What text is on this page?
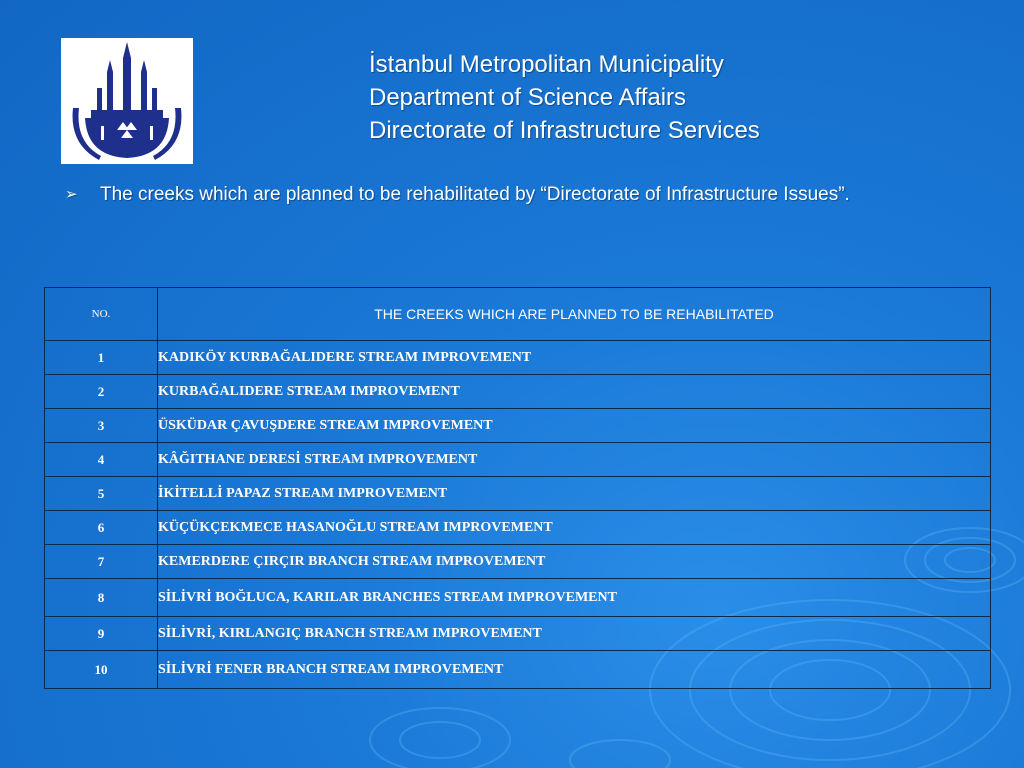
İstanbul Metropolitan Municipality
Department of Science Affairs
Directorate of Infrastructure Services
➢ The creeks which are planned to be rehabilitated by “Directorate of Infrastructure Issues”.
NO.	THE CREEKS WHICH ARE PLANNED TO BE REHABILITATED
1	KADIKÖY KURBAĞALIDERE STREAM IMPROVEMENT
2	KURBAĞALIDERE STREAM IMPROVEMENT
3	ÜSKÜDAR ÇAVUŞDERE STREAM IMPROVEMENT
4	KÂĞITHANE DERESİ STREAM IMPROVEMENT
5	İKİTELLİ PAPAZ STREAM IMPROVEMENT
6	KÜÇÜKÇEKMECE HASANOĞLU STREAM IMPROVEMENT
7	KEMERDERE ÇIRÇIR BRANCH STREAM IMPROVEMENT
8	SİLİVRİ BOĞLUCA, KARILAR BRANCHES STREAM IMPROVEMENT
9	SİLİVRİ, KIRLANGIÇ BRANCH STREAM IMPROVEMENT
10	SİLİVRİ FENER BRANCH STREAM IMPROVEMENT
